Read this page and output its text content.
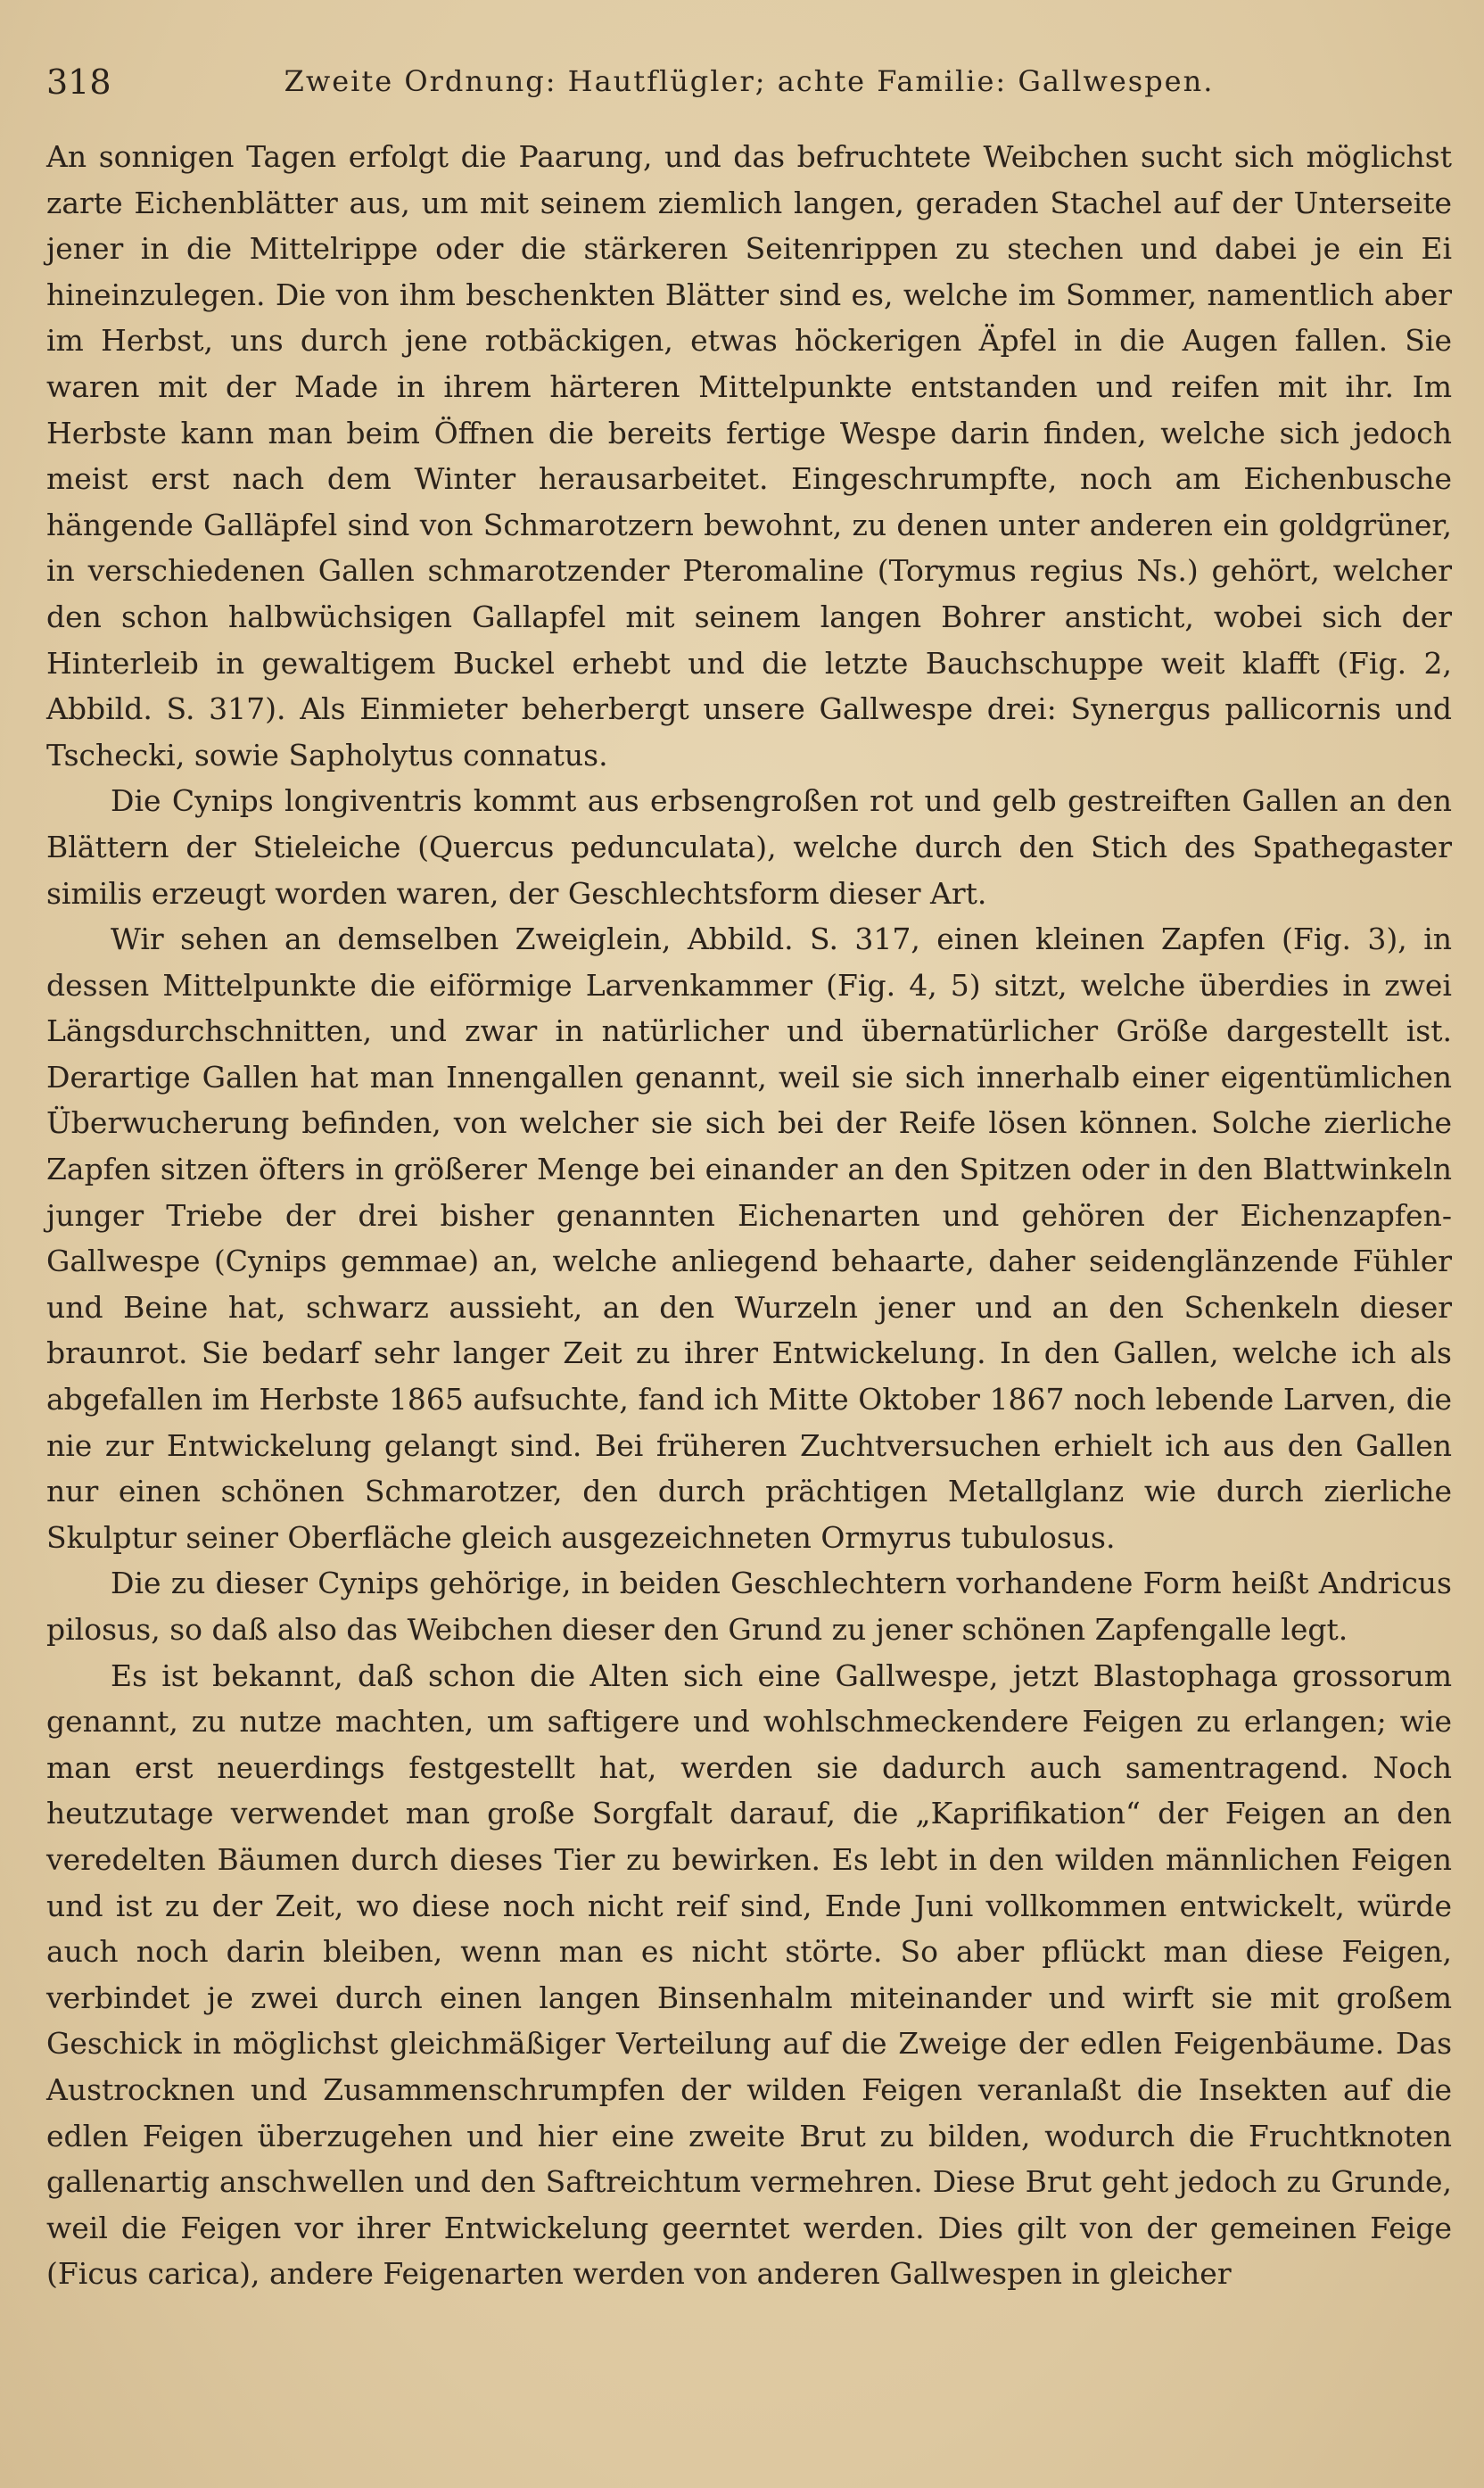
318	Zweite Ordnung: Hautflügler; achte Familie: Gallwespen.

An sonnigen Tagen erfolgt die Paarung, und das befruchtete Weibchen sucht sich möglichst zarte Eichenblätter aus, um mit seinem ziemlich langen, geraden Stachel auf der Unterseite jener in die Mittelrippe oder die stärkeren Seitenrippen zu stechen und dabei je ein Ei hineinzulegen. Die von ihm beschenkten Blätter sind es, welche im Sommer, namentlich aber im Herbst, uns durch jene rotbäckigen, etwas höckerigen Äpfel in die Augen fallen. Sie waren mit der Made in ihrem härteren Mittelpunkte entstanden und reifen mit ihr. Im Herbste kann man beim Öffnen die bereits fertige Wespe darin finden, welche sich jedoch meist erst nach dem Winter herausarbeitet. Eingeschrumpfte, noch am Eichenbusche hängende Galläpfel sind von Schmarotzern bewohnt, zu denen unter anderen ein goldgrüner, in verschiedenen Gallen schmarotzender Pteromaline (Torymus regius Ns.) gehört, welcher den schon halbwüchsigen Gallapfel mit seinem langen Bohrer ansticht, wobei sich der Hinterleib in gewaltigem Buckel erhebt und die letzte Bauchschuppe weit klafft (Fig. 2, Abbild. S. 317). Als Einmieter beherbergt unsere Gallwespe drei: Synergus pallicornis und Tschecki, sowie Sapholytus connatus.

Die Cynips longiventris kommt aus erbsengroßen rot und gelb gestreiften Gallen an den Blättern der Stieleiche (Quercus pedunculata), welche durch den Stich des Spathegaster similis erzeugt worden waren, der Geschlechtsform dieser Art.

Wir sehen an demselben Zweiglein, Abbild. S. 317, einen kleinen Zapfen (Fig. 3), in dessen Mittelpunkte die eiförmige Larvenkammer (Fig. 4, 5) sitzt, welche überdies in zwei Längsdurchschnitten, und zwar in natürlicher und übernatürlicher Größe dargestellt ist. Derartige Gallen hat man Innengallen genannt, weil sie sich innerhalb einer eigentümlichen Überwucherung befinden, von welcher sie sich bei der Reife lösen können. Solche zierliche Zapfen sitzen öfters in größerer Menge bei einander an den Spitzen oder in den Blattwinkeln junger Triebe der drei bisher genannten Eichenarten und gehören der Eichenzapfen-Gallwespe (Cynips gemmae) an, welche anliegend behaarte, daher seidenglänzende Fühler und Beine hat, schwarz aussieht, an den Wurzeln jener und an den Schenkeln dieser braunrot. Sie bedarf sehr langer Zeit zu ihrer Entwickelung. In den Gallen, welche ich als abgefallen im Herbste 1865 aufsuchte, fand ich Mitte Oktober 1867 noch lebende Larven, die nie zur Entwickelung gelangt sind. Bei früheren Zuchtversuchen erhielt ich aus den Gallen nur einen schönen Schmarotzer, den durch prächtigen Metallglanz wie durch zierliche Skulptur seiner Oberfläche gleich ausgezeichneten Ormyrus tubulosus.

Die zu dieser Cynips gehörige, in beiden Geschlechtern vorhandene Form heißt Andricus pilosus, so daß also das Weibchen dieser den Grund zu jener schönen Zapfengalle legt.

Es ist bekannt, daß schon die Alten sich eine Gallwespe, jetzt Blastophaga grossorum genannt, zu nutze machten, um saftigere und wohlschmeckendere Feigen zu erlangen; wie man erst neuerdings festgestellt hat, werden sie dadurch auch samentragend. Noch heutzutage verwendet man große Sorgfalt darauf, die „Kaprifikation“ der Feigen an den veredelten Bäumen durch dieses Tier zu bewirken. Es lebt in den wilden männlichen Feigen und ist zu der Zeit, wo diese noch nicht reif sind, Ende Juni vollkommen entwickelt, würde auch noch darin bleiben, wenn man es nicht störte. So aber pflückt man diese Feigen, verbindet je zwei durch einen langen Binsenhalm miteinander und wirft sie mit großem Geschick in möglichst gleichmäßiger Verteilung auf die Zweige der edlen Feigenbäume. Das Austrocknen und Zusammenschrumpfen der wilden Feigen veranlaßt die Insekten auf die edlen Feigen überzugehen und hier eine zweite Brut zu bilden, wodurch die Fruchtknoten gallenartig anschwellen und den Saftreichtum vermehren. Diese Brut geht jedoch zu Grunde, weil die Feigen vor ihrer Entwickelung geerntet werden. Dies gilt von der gemeinen Feige (Ficus carica), andere Feigenarten werden von anderen Gallwespen in gleicher
